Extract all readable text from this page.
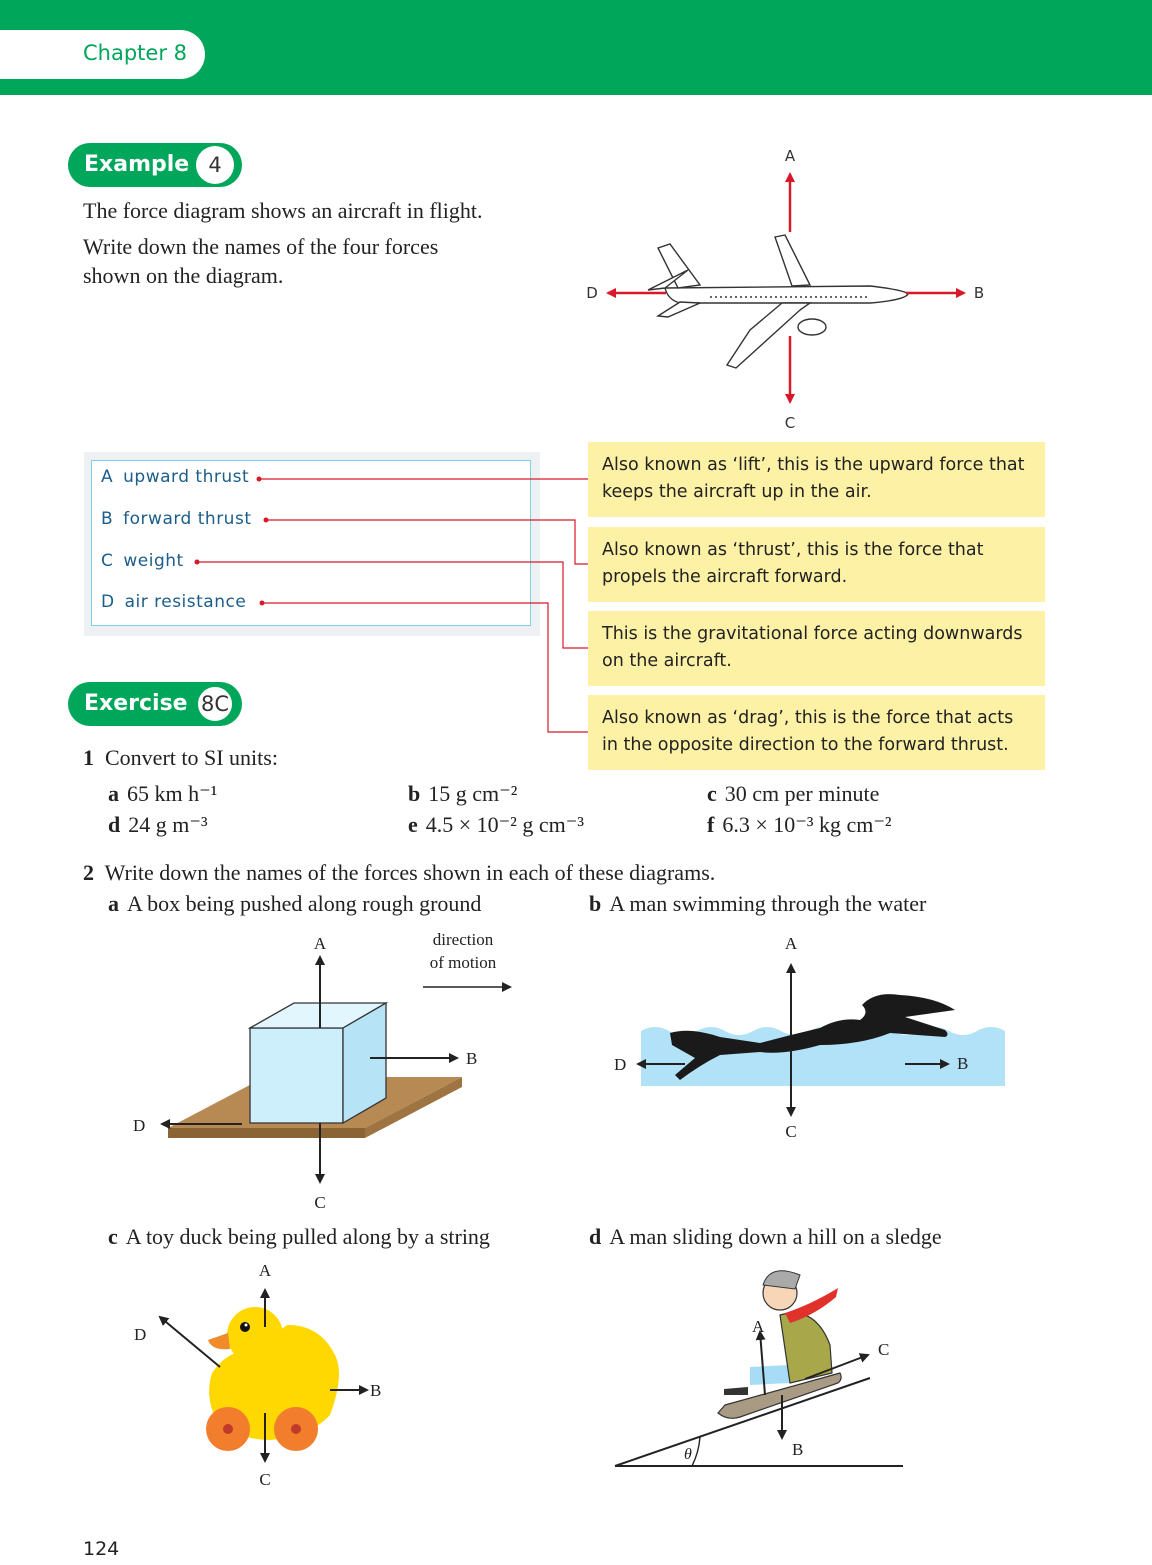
Chapter 8
Example 4
The force diagram shows an aircraft in flight.
Write down the names of the four forces
shown on the diagram.
A
C
B
D
A upward thrust
B forward thrust
C weight
D air resistance
Also known as ‘lift’, this is the upward force that keeps the aircraft up in the air.
Also known as ‘thrust’, this is the force that propels the aircraft forward.
This is the gravitational force acting downwards on the aircraft.
Also known as ‘drag’, this is the force that acts in the opposite direction to the forward thrust.
Exercise 8C
1 Convert to SI units:
a 65 km h⁻¹	b 15 g cm⁻²	c 30 cm per minute
d 24 g m⁻³	e 4.5 × 10⁻² g cm⁻³	f 6.3 × 10⁻³ kg cm⁻²
2 Write down the names of the forces shown in each of these diagrams.
a A box being pushed along rough ground	b A man swimming through the water
c A toy duck being pulled along by a string	d A man sliding down a hill on a sledge
A
B
C
D
direction
of motion
A
B
C
D
A
B
C
D	A
B
C
θ
124
